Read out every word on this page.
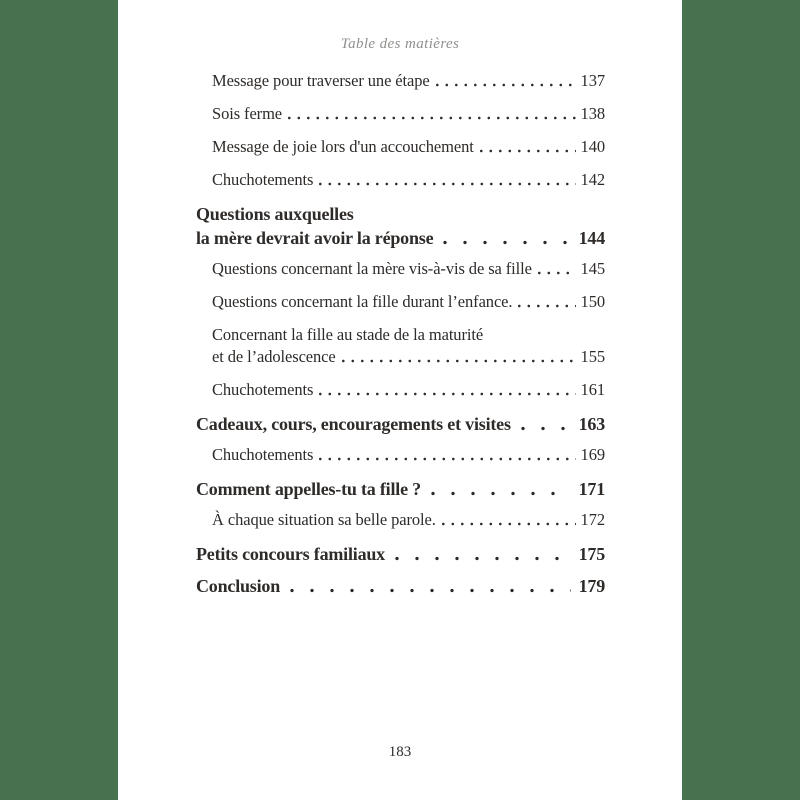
Table des matières
Message pour traverser une étape	137
Sois ferme	138
Message de joie lors d'un accouchement	140
Chuchotements	142
Questions auxquelles
la mère devrait avoir la réponse	144
Questions concernant la mère vis-à-vis de sa fille	145
Questions concernant la fille durant l’enfance.	150
Concernant la fille au stade de la maturité
et de l’adolescence	155
Chuchotements	161
Cadeaux, cours, encouragements et visites	163
Chuchotements	169
Comment appelles-tu ta fille ?	171
À chaque situation sa belle parole.	172
Petits concours familiaux	175
Conclusion	179
183
